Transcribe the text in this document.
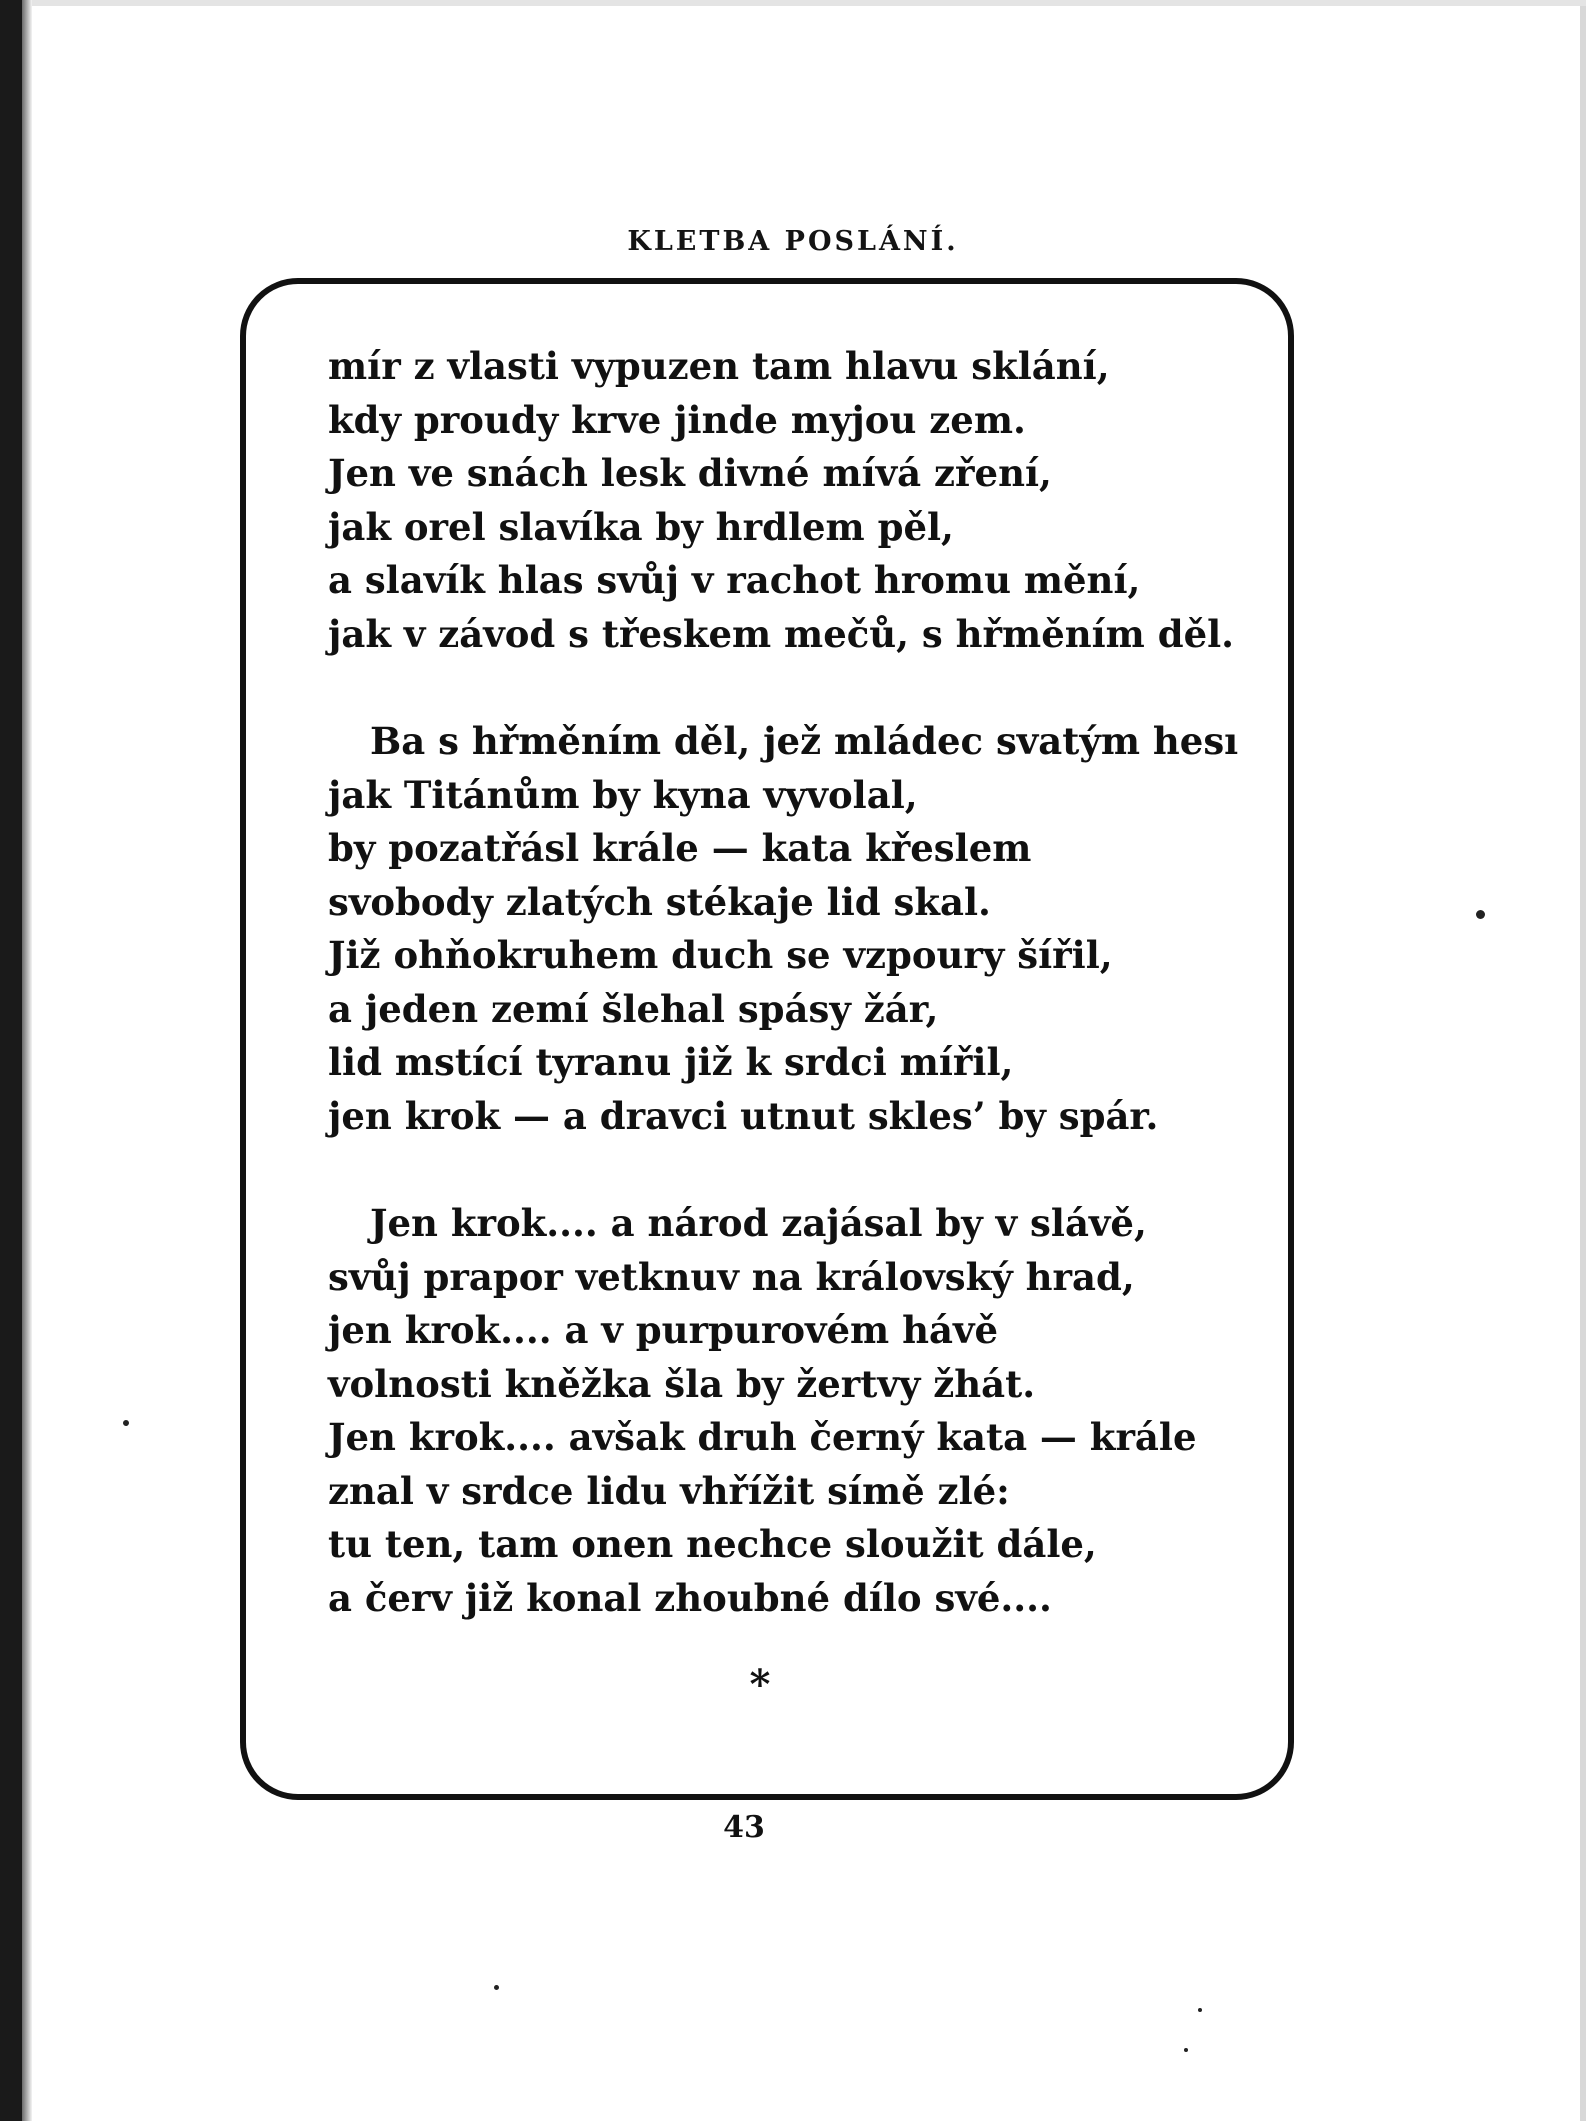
KLETBA POSLÁNÍ.
mír z vlasti vypuzen tam hlavu sklání,
kdy proudy krve jinde myjou zem.
Jen ve snách lesk divné mívá zření,
jak orel slavíka by hrdlem pěl,
a slavík hlas svůj v rachot hromu mění,
jak v závod s třeskem mečů, s hřměním děl.
Ba s hřměním děl, jež mládec svatým hesı
jak Titánům by kyna vyvolal,
by pozatřásl krále — kata křeslem
svobody zlatých stékaje lid skal.
Již ohňokruhem duch se vzpoury šířil,
a jeden zemí šlehal spásy žár,
lid mstící tyranu již k srdci mířil,
jen krok — a dravci utnut skles’ by spár.
Jen krok.... a národ zajásal by v slávě,
svůj prapor vetknuv na královský hrad,
jen krok.... a v purpurovém hávě
volnosti kněžka šla by žertvy žhát.
Jen krok.... avšak druh černý kata — krále
znal v srdce lidu vhřížit símě zlé:
tu ten, tam onen nechce sloužit dále,
a červ již konal zhoubné dílo své....
*
43
